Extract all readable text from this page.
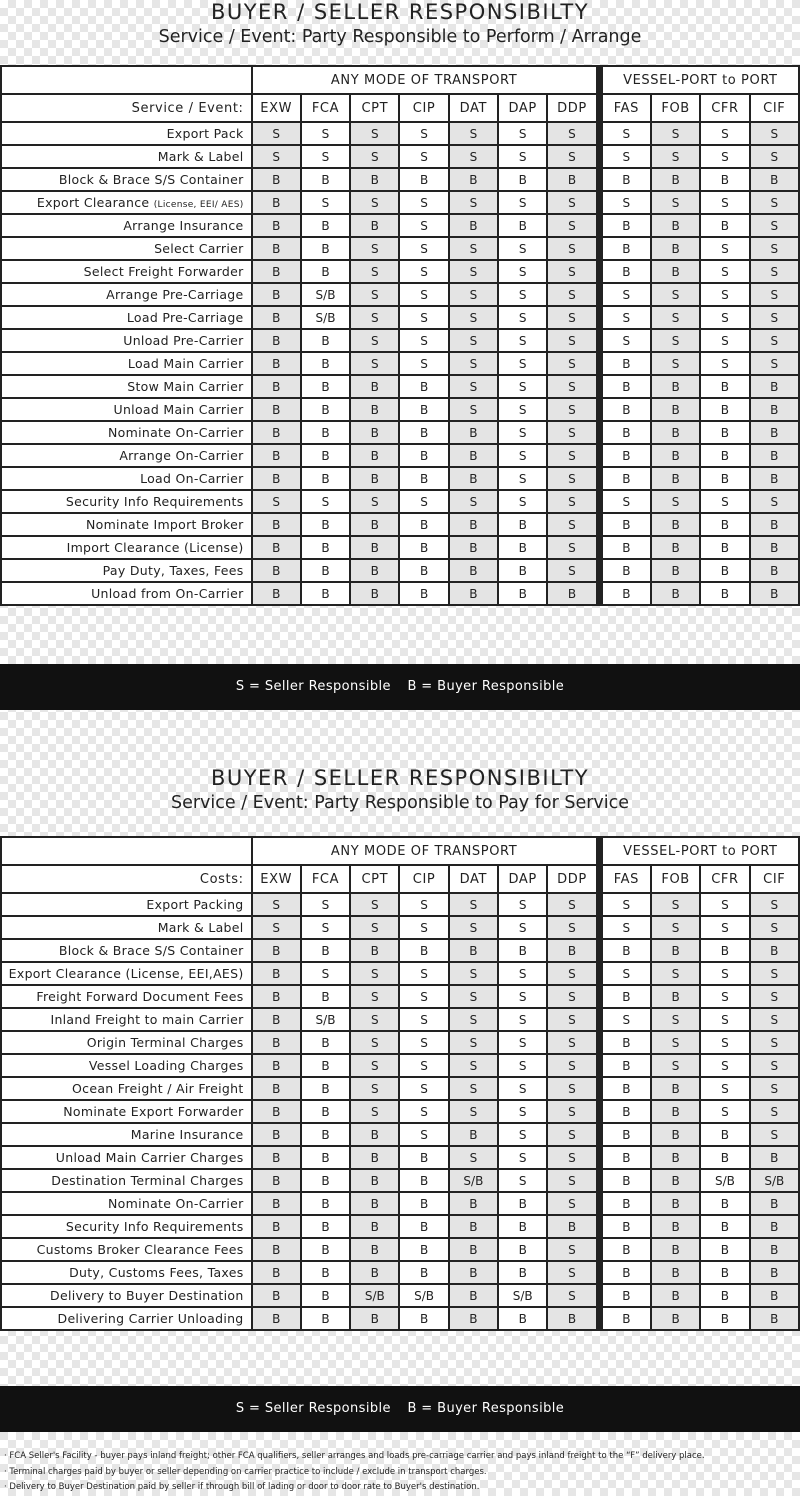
BUYER / SELLER RESPONSIBILTY
Service / Event: Party Responsible to Perform / Arrange
	ANY MODE OF TRANSPORT								VESSEL-PORT to PORT			
Service / Event:	EXW	FCA	CPT	CIP	DAT	DAP	DDP		FAS	FOB	CFR	CIF
Export Pack	S	S	S	S	S	S	S		S	S	S	S
Mark & Label	S	S	S	S	S	S	S		S	S	S	S
Block & Brace S/S Container	B	B	B	B	B	B	B		B	B	B	B
Export Clearance (License, EEI/ AES)	B	S	S	S	S	S	S		S	S	S	S
Arrange Insurance	B	B	B	S	B	B	S		B	B	B	S
Select Carrier	B	B	S	S	S	S	S		B	B	S	S
Select Freight Forwarder	B	B	S	S	S	S	S		B	B	S	S
Arrange Pre-Carriage	B	S/B	S	S	S	S	S		S	S	S	S
Load Pre-Carriage	B	S/B	S	S	S	S	S		S	S	S	S
Unload Pre-Carrier	B	B	S	S	S	S	S		S	S	S	S
Load Main Carrier	B	B	S	S	S	S	S		B	S	S	S
Stow Main Carrier	B	B	B	B	S	S	S		B	B	B	B
Unload Main Carrier	B	B	B	B	S	S	S		B	B	B	B
Nominate On-Carrier	B	B	B	B	B	S	S		B	B	B	B
Arrange On-Carrier	B	B	B	B	B	S	S		B	B	B	B
Load On-Carrier	B	B	B	B	B	S	S		B	B	B	B
Security Info Requirements	S	S	S	S	S	S	S		S	S	S	S
Nominate Import Broker	B	B	B	B	B	B	S		B	B	B	B
Import Clearance (License)	B	B	B	B	B	B	S		B	B	B	B
Pay Duty, Taxes, Fees	B	B	B	B	B	B	S		B	B	B	B
Unload from On-Carrier	B	B	B	B	B	B	B		B	B	B	B
S = Seller Responsible B = Buyer Responsible
BUYER / SELLER RESPONSIBILTY
Service / Event: Party Responsible to Pay for Service
	ANY MODE OF TRANSPORT								VESSEL-PORT to PORT			
Costs:	EXW	FCA	CPT	CIP	DAT	DAP	DDP		FAS	FOB	CFR	CIF
Export Packing	S	S	S	S	S	S	S		S	S	S	S
Mark & Label	S	S	S	S	S	S	S		S	S	S	S
Block & Brace S/S Container	B	B	B	B	B	B	B		B	B	B	B
Export Clearance (License, EEI,AES)	B	S	S	S	S	S	S		S	S	S	S
Freight Forward Document Fees	B	B	S	S	S	S	S		B	B	S	S
Inland Freight to main Carrier	B	S/B	S	S	S	S	S		S	S	S	S
Origin Terminal Charges	B	B	S	S	S	S	S		B	S	S	S
Vessel Loading Charges	B	B	S	S	S	S	S		B	S	S	S
Ocean Freight / Air Freight	B	B	S	S	S	S	S		B	B	S	S
Nominate Export Forwarder	B	B	S	S	S	S	S		B	B	S	S
Marine Insurance	B	B	B	S	B	S	S		B	B	B	S
Unload Main Carrier Charges	B	B	B	B	S	S	S		B	B	B	B
Destination Terminal Charges	B	B	B	B	S/B	S	S		B	B	S/B	S/B
Nominate On-Carrier	B	B	B	B	B	B	S		B	B	B	B
Security Info Requirements	B	B	B	B	B	B	B		B	B	B	B
Customs Broker Clearance Fees	B	B	B	B	B	B	S		B	B	B	B
Duty, Customs Fees, Taxes	B	B	B	B	B	B	S		B	B	B	B
Delivery to Buyer Destination	B	B	S/B	S/B	B	S/B	S		B	B	B	B
Delivering Carrier Unloading	B	B	B	B	B	B	B		B	B	B	B
S = Seller Responsible B = Buyer Responsible
· FCA Seller's Facility - buyer pays inland freight; other FCA qualifiers, seller arranges and loads pre-carriage carrier and pays inland freight to the “F” delivery place.
· Terminal charges paid by buyer or seller depending on carrier practice to include / exclude in transport charges.
· Delivery to Buyer Destination paid by seller if through bill of lading or door to door rate to Buyer's destination.
